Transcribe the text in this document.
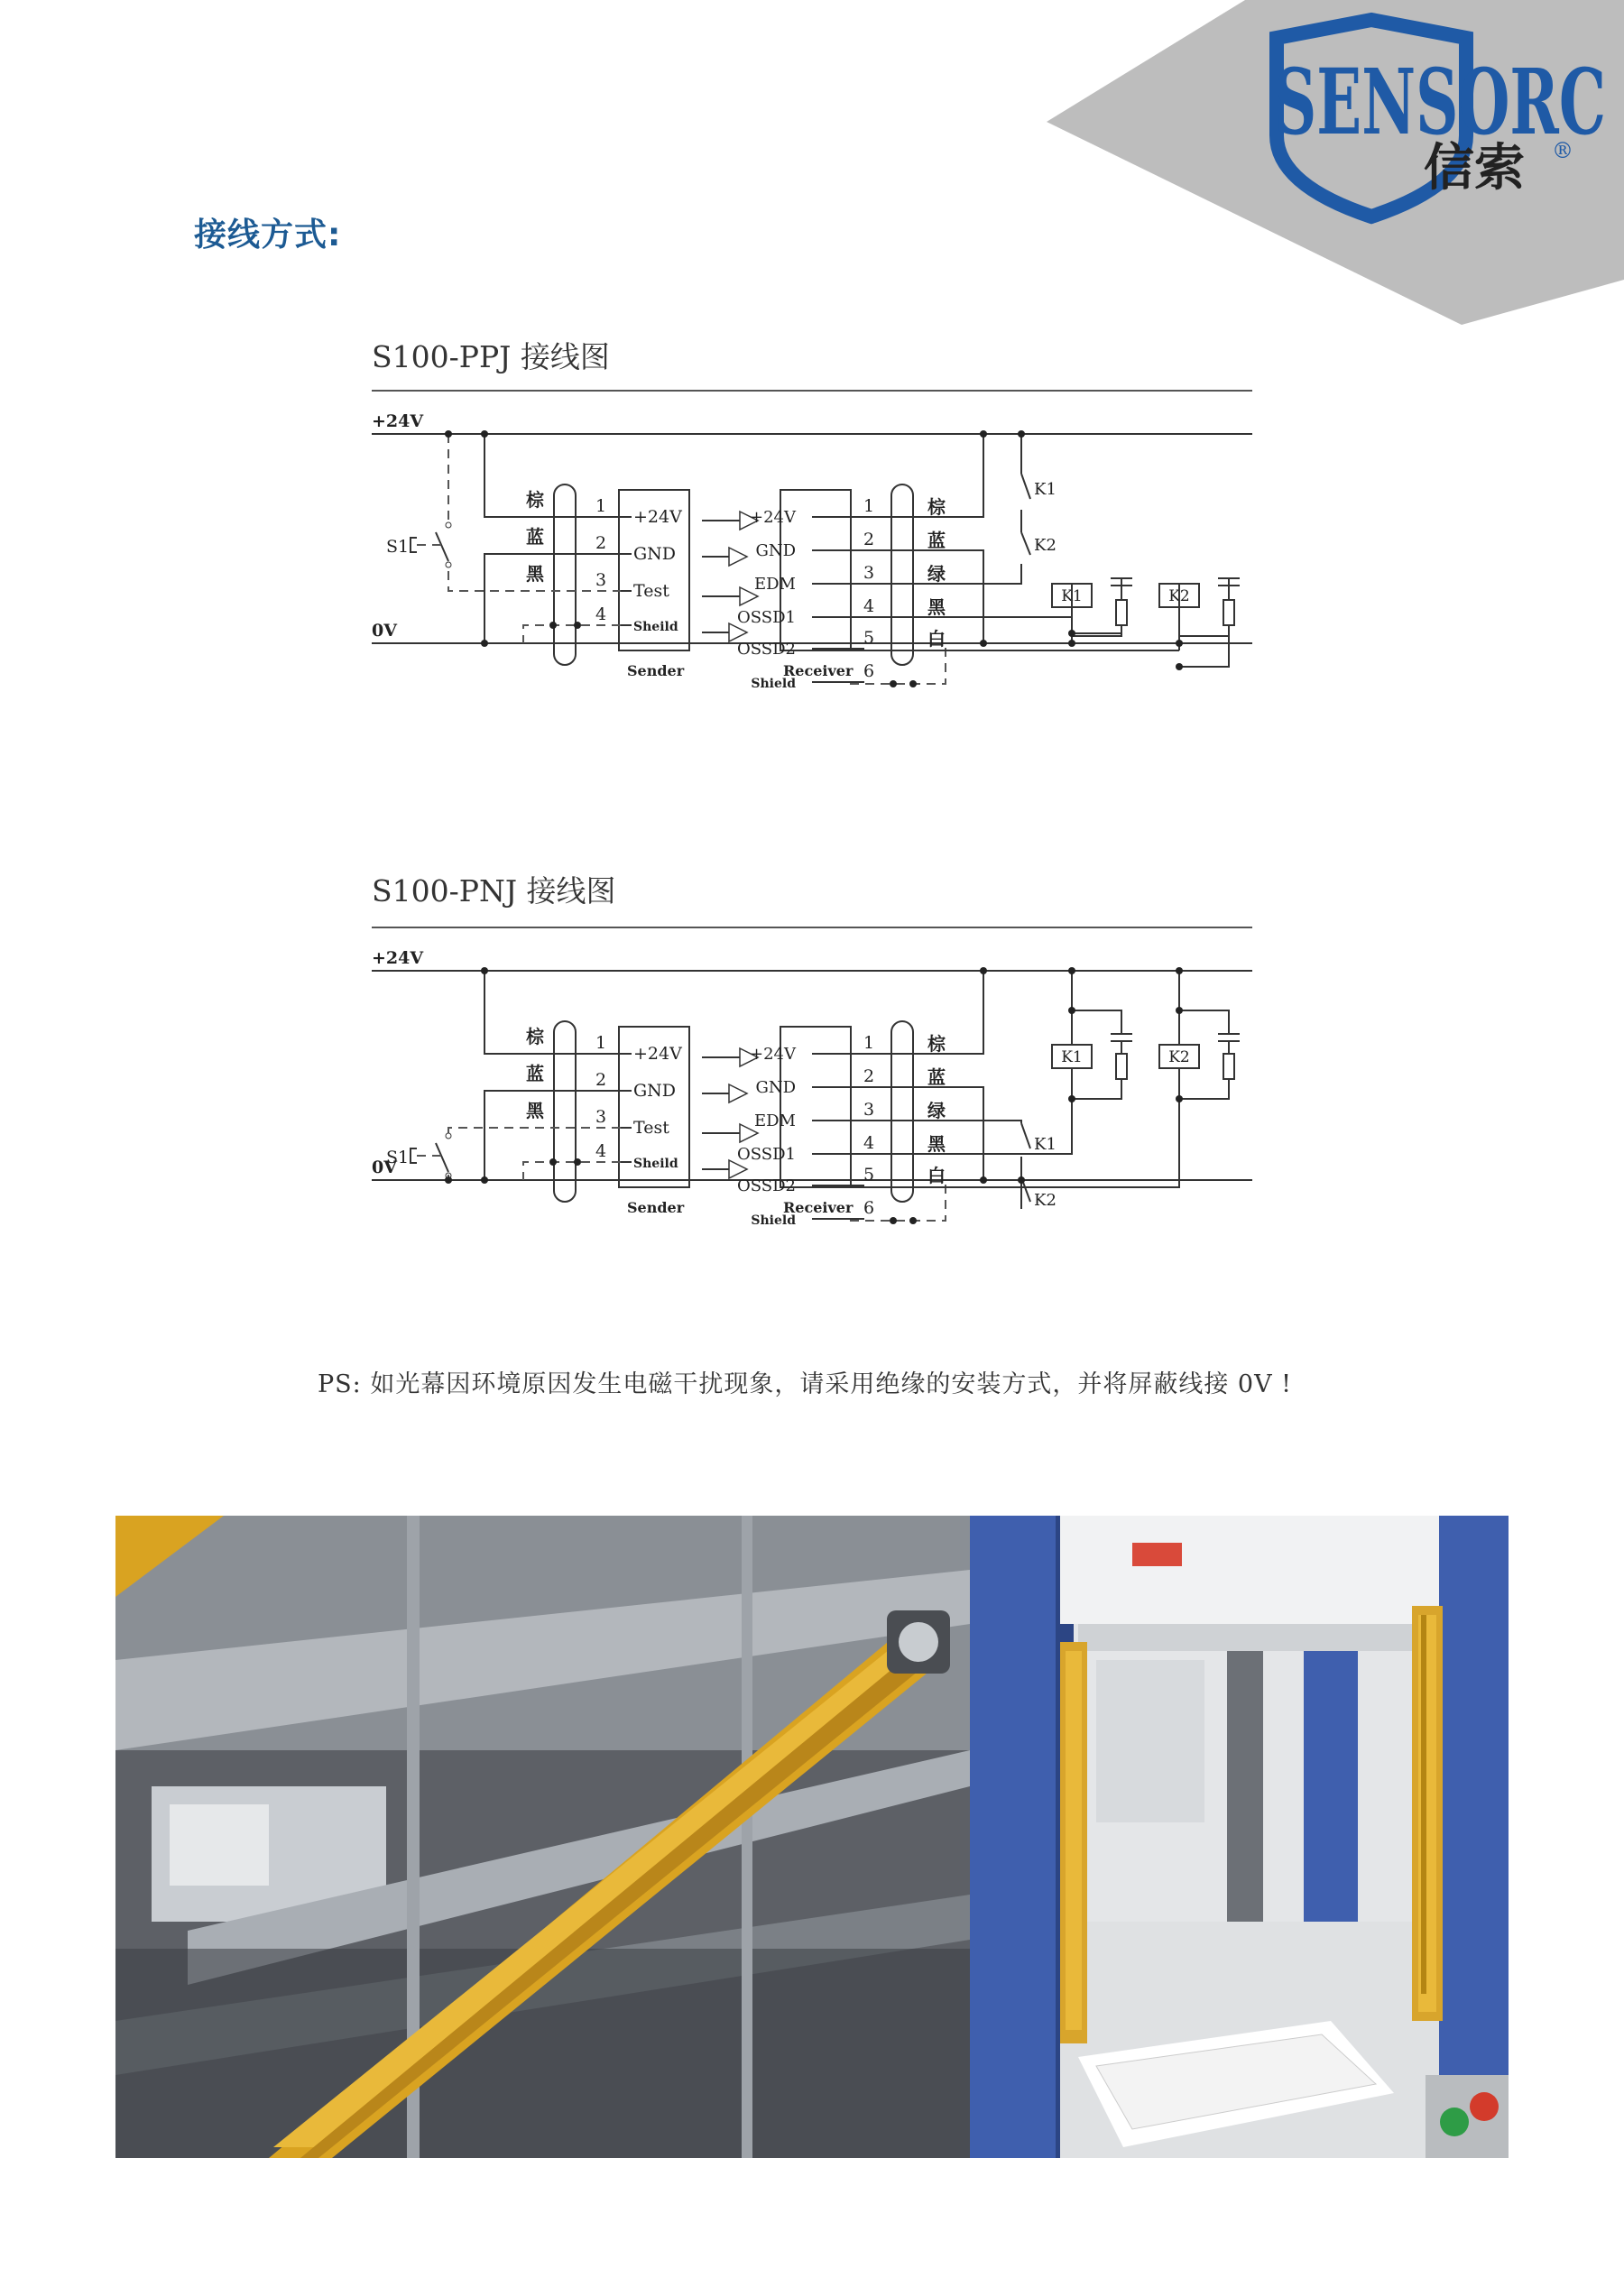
SENSORC
信索 ®
接线方式:
S100-PPJ 接线图
+24V
0V
Sender	Receiver
1
+24V
棕
2
GND
蓝
3
Test
黑
4
Sheild
+24V
1	棕
GND
2	蓝
EDM
3	绿
OSSD1
4	黑
OSSD2
5	白
Shield
6
S1
K1
K2
K1	K2
S100-PNJ 接线图
+24V
0V
Sender	Receiver
1
+24V
棕
2
GND
蓝
3
Test
黑
4
Sheild
+24V
1	棕
GND
2	蓝
EDM
3	绿
OSSD1
4	黑
OSSD2
5	白
Shield
6
S1
K1
K2
K1	K2
PS: 如光幕因环境原因发生电磁干扰现象，请采用绝缘的安装方式，并将屏蔽线接 0V !
